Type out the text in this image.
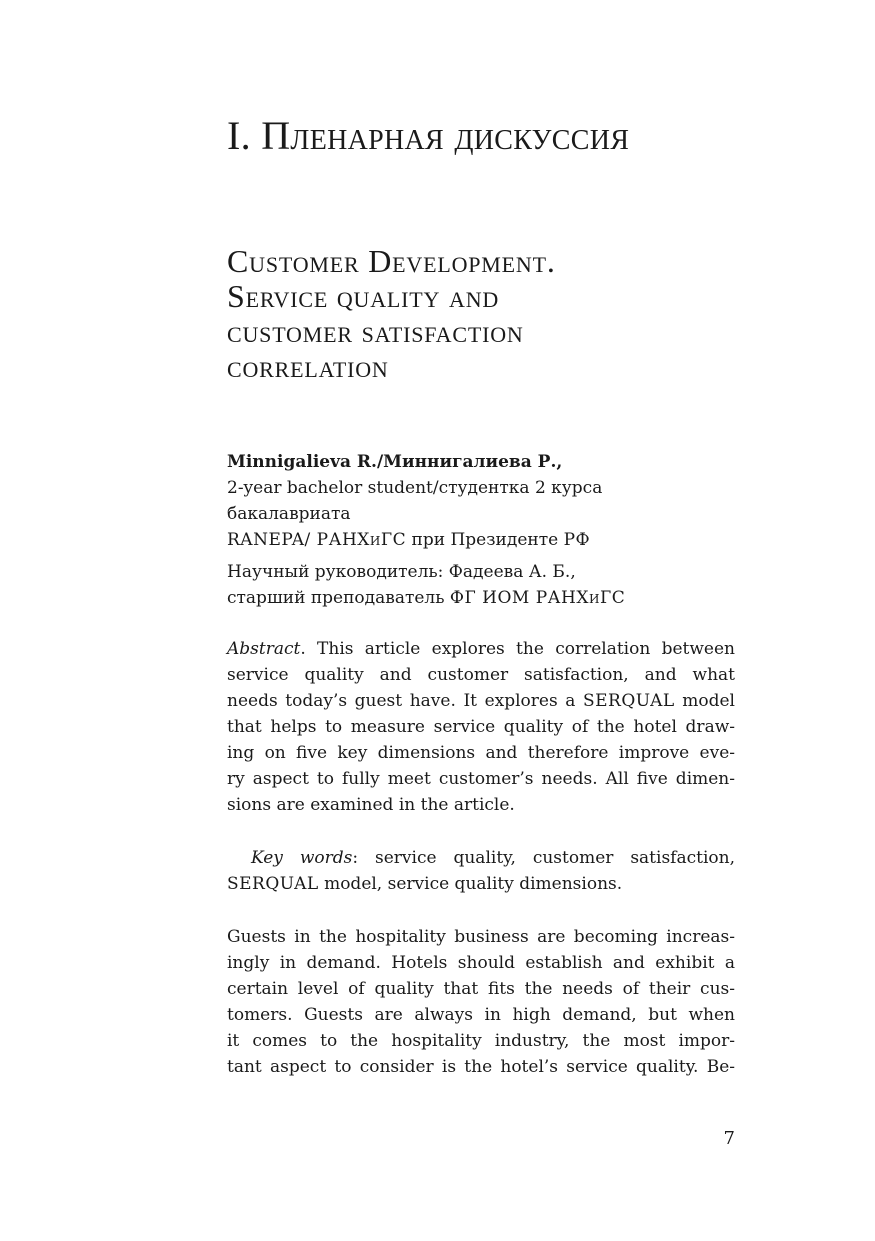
I. Пленарная дискуссия
Customer Development.
Service quality and
customer satisfaction
correlation
Minnigalieva R./Миннигалиева Р.,
2-year bachelor student/студентка 2 курса
бакалавриата
RANEPA/ РАНХиГС при Президенте РФ
Научный руководитель: Фадеева А. Б.,
старший преподаватель ФГ ИОМ РАНХиГС
Abstract. This article explores the correlation between
service quality and customer satisfaction, and what
needs today’s guest have. It explores a SERQUAL model
that helps to measure service quality of the hotel draw-
ing on five key dimensions and therefore improve eve-
ry aspect to fully meet customer’s needs. All five dimen-
sions are examined in the article.
Key words: service quality, customer satisfaction,
SERQUAL model, service quality dimensions.
Guests in the hospitality business are becoming increas-
ingly in demand. Hotels should establish and exhibit a
certain level of quality that fits the needs of their cus-
tomers. Guests are always in high demand, but when
it comes to the hospitality industry, the most impor-
tant aspect to consider is the hotel’s service quality. Be-
7
